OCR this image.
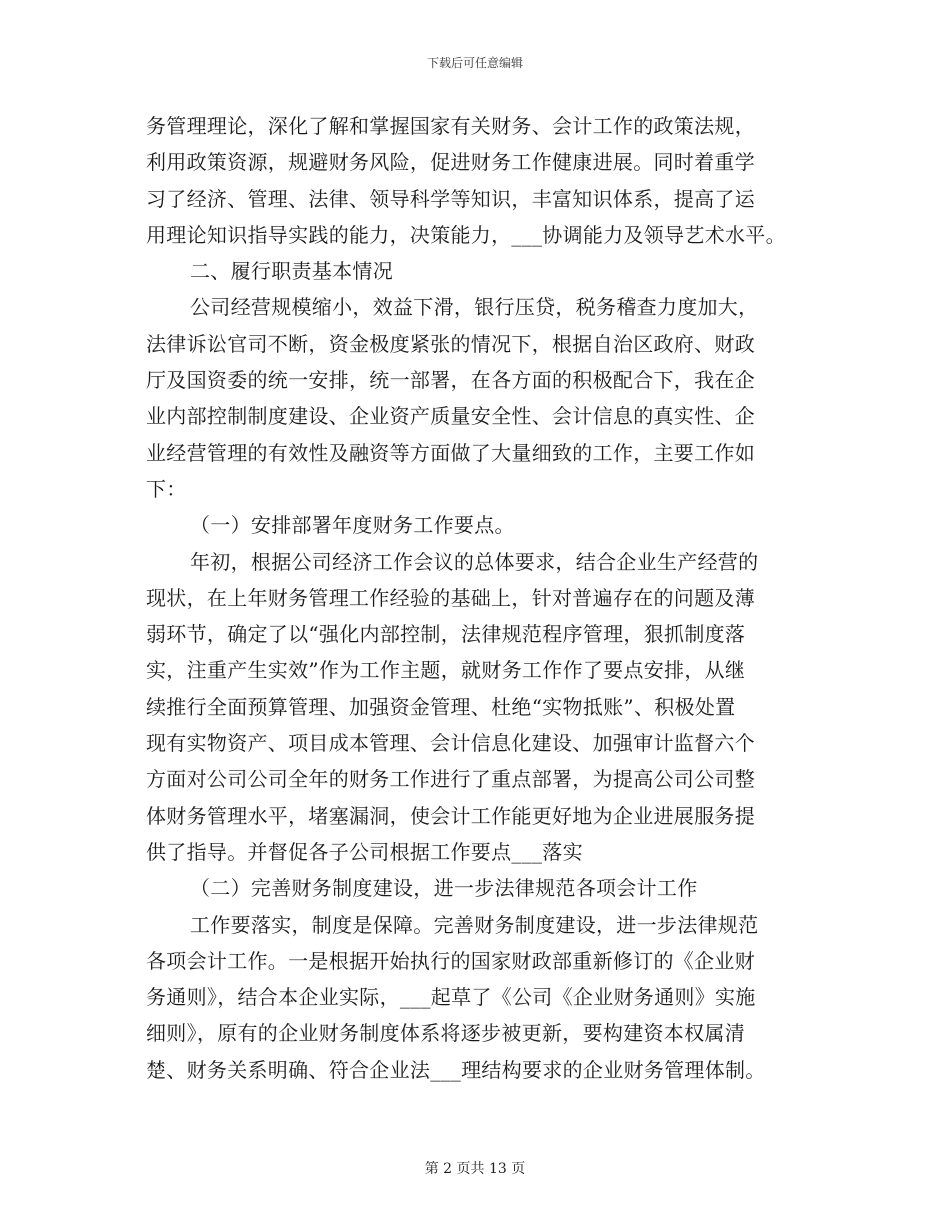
下载后可任意编辑
务管理理论，深化了解和掌握国家有关财务、会计工作的政策法规，
利用政策资源，规避财务风险，促进财务工作健康进展。同时着重学
习了经济、管理、法律、领导科学等知识，丰富知识体系，提高了运
用理论知识指导实践的能力，决策能力，___协调能力及领导艺术水平。
二、履行职责基本情况
公司经营规模缩小，效益下滑，银行压贷，税务稽查力度加大，
法律诉讼官司不断，资金极度紧张的情况下，根据自治区政府、财政
厅及国资委的统一安排，统一部署，在各方面的积极配合下，我在企
业内部控制制度建设、企业资产质量安全性、会计信息的真实性、企
业经营管理的有效性及融资等方面做了大量细致的工作，主要工作如
下：
（一）安排部署年度财务工作要点。
年初，根据公司经济工作会议的总体要求，结合企业生产经营的
现状，在上年财务管理工作经验的基础上，针对普遍存在的问题及薄
弱环节，确定了以“强化内部控制，法律规范程序管理，狠抓制度落
实，注重产生实效”作为工作主题，就财务工作作了要点安排，从继
续推行全面预算管理、加强资金管理、杜绝“实物抵账”、积极处置
现有实物资产、项目成本管理、会计信息化建设、加强审计监督六个
方面对公司公司全年的财务工作进行了重点部署，为提高公司公司整
体财务管理水平，堵塞漏洞，使会计工作能更好地为企业进展服务提
供了指导。并督促各子公司根据工作要点___落实
（二）完善财务制度建设，进一步法律规范各项会计工作
工作要落实，制度是保障。完善财务制度建设，进一步法律规范
各项会计工作。一是根据开始执行的国家财政部重新修订的《企业财
务通则》，结合本企业实际，___起草了《公司《企业财务通则》实施
细则》，原有的企业财务制度体系将逐步被更新，要构建资本权属清
楚、财务关系明确、符合企业法___理结构要求的企业财务管理体制。
第 2 页共 13 页
